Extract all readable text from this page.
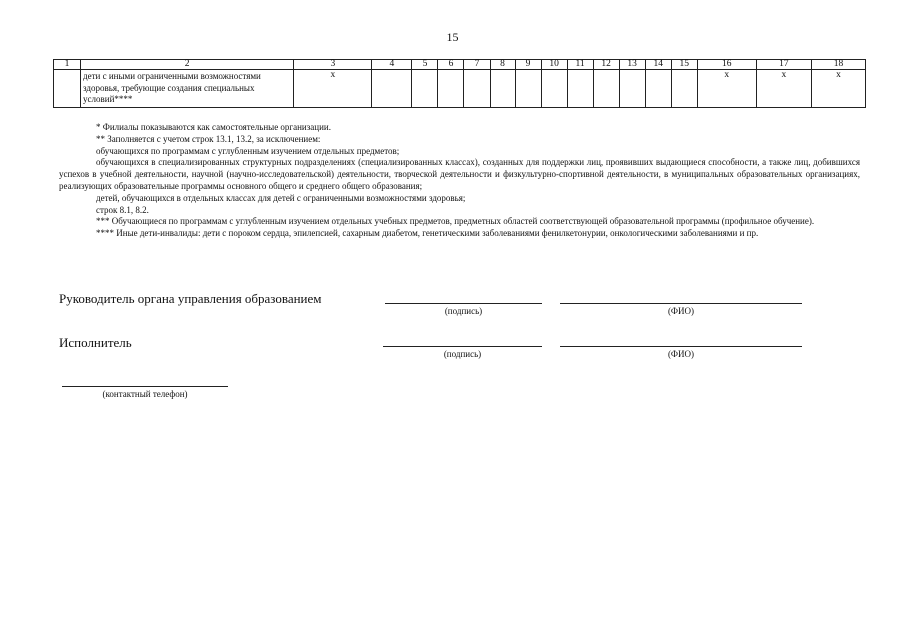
15
1	2	3	4	5	6	7	8	9	10	11	12	13	14	15	16	17	18
	дети с иными ограниченными возможностями здоровья, требующие создания специальных условий****	х													х	х	х

* Филиалы показываются как самостоятельные организации.

** Заполняется с учетом строк 13.1, 13.2, за исключением:

обучающихся по программам с углубленным изучением отдельных предметов;

обучающихся в специализированных структурных подразделениях (специализированных классах), созданных для поддержки лиц, проявивших выдающиеся способности, а также лиц, добившихся успехов в учебной деятельности, научной (научно-исследовательской) деятельности, творческой деятельности и физкультурно-спортивной деятельности, в муниципальных образовательных организациях, реализующих образовательные программы основного общего и среднего общего образования;

детей, обучающихся в отдельных классах для детей с ограниченными возможностями здоровья;

строк 8.1, 8.2.

*** Обучающиеся по программам с углубленным изучением отдельных учебных предметов, предметных областей соответствующей образовательной программы (профильное обучение).

**** Иные дети-инвалиды: дети с пороком сердца, эпилепсией, сахарным диабетом, генетическими заболеваниями фенилкетонурии, онкологическими заболеваниями и пр.

Руководитель органа управления образованием
(подпись)	(ФИО)
Исполнитель
(подпись)	(ФИО)
(контактный телефон)
